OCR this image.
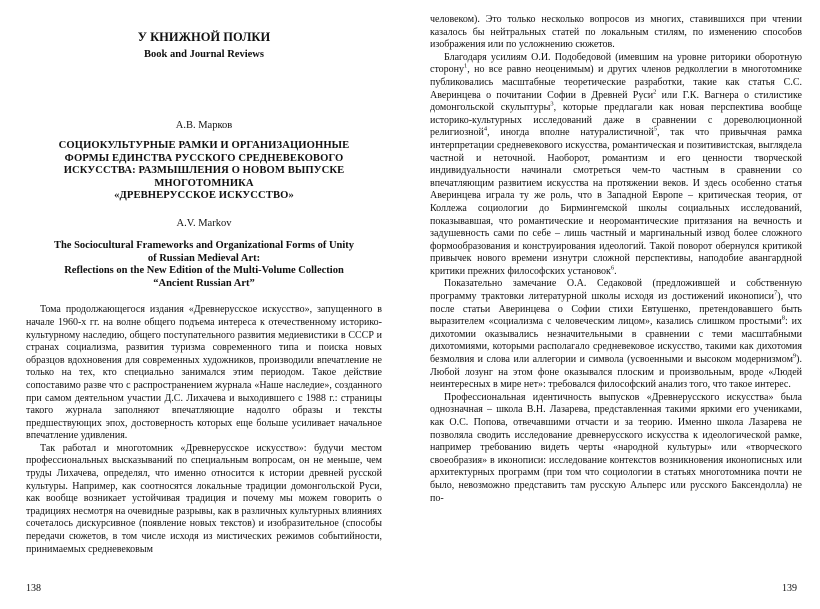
У КНИЖНОЙ ПОЛКИ
Book and Journal Reviews
А.В. Марков
СОЦИОКУЛЬТУРНЫЕ РАМКИ И ОРГАНИЗАЦИОННЫЕ
ФОРМЫ ЕДИНСТВА РУССКОГО СРЕДНЕВЕКОВОГО
ИСКУССТВА: РАЗМЫШЛЕНИЯ О НОВОМ ВЫПУСКЕ
МНОГОТОМНИКА
«ДРЕВНЕРУССКОЕ ИСКУССТВО»
A.V. Markov
The Sociocultural Frameworks and Organizational Forms of Unity
of Russian Medieval Art:
Reflections on the New Edition of the Multi-Volume Collection
“Ancient Russian Art”

Тома продолжающегося издания «Древнерусское искусство», запущенного в начале 1960-х гг. на волне общего подъема интереса к отечественному историко-культурному наследию, общего поступательного развития медиевистики в СССР и странах социализма, развития туризма современного типа и поиска новых образцов вдохновения для современных художников, производили впечатление не только на тех, кто специально занимался этим периодом. Такое действие сопоставимо разве что с распространением журнала «Наше наследие», созданного при самом деятельном участии Д.С. Лихачева и выходившего с 1988 г.: страницы такого журнала заполняют впечатляющие надолго образы и тексты предшествующих эпох, достоверность которых еще больше усиливает начальное впечатление удивления.

Так работал и многотомник «Древнерусское искусство»: будучи местом профессиональных высказываний по специальным вопросам, он не меньше, чем труды Лихачева, определял, что именно относится к истории древней русской культуры. Например, как соотносятся локальные традиции домонгольской Руси, как вообще возникает устойчивая традиция и почему мы можем говорить о традициях несмотря на очевидные разрывы, как в различных культурных влияниях сочеталось дискурсивное (появление новых текстов) и изобразительное (способы передачи сюжетов, в том числе исходя из мистических режимов событийности, принимаемых средневековым

138

человеком). Это только несколько вопросов из многих, ставившихся при чтении казалось бы нейтральных статей по локальным стилям, по изменению способов изображения или по усложнению сюжетов.

Благодаря усилиям О.И. Подобедовой (имевшим на уровне риторики оборотную сторону$^1$, но все равно неоценимым) и других членов редколлегии в многотомнике публиковались масштабные теоретические разработки, такие как статья С.С. Аверинцева о почитании Софии в Древней Руси$^2$ или Г.К. Вагнера о стилистике домонгольской скульптуры$^3$, которые предлагали как новая перспектива вообще историко-культурных исследований даже в сравнении с дореволюционной религиозной$^4$, иногда вполне натуралистичной$^5$, так что привычная рамка интерпретации средневекового искусства, романтическая и позитивистская, выглядела частной и неточной. Наоборот, романтизм и его ценности творческой индивидуальности начинали смотреться чем-то частным в сравнении со впечатляющим развитием искусства на протяжении веков. И здесь особенно статья Аверинцева играла ту же роль, что в Западной Европе – критическая теория, от Коллежа социологии до Бирмингемской школы социальных исследований, показывавшая, что романтические и неоромантические притязания на вечность и задушевность сами по себе – лишь частный и маргинальный извод более сложного формообразования и конструирования идеологий. Такой поворот обернулся критикой привычек нового времени изнутри сложной перспективы, наподобие авангардной критики прежних философских установок$^6$.

Показательно замечание О.А. Седаковой (предложившей и собственную программу трактовки литературной школы исходя из достижений иконописи$^7$), что после статьи Аверинцева о Софии стихи Евтушенко, претендовавшего быть выразителем «социализма с человеческим лицом», казались слишком простыми$^8$: их дихотомии оказывались незначительными в сравнении с теми масштабными дихотомиями, которыми располагало средневековое искусство, такими как дихотомия безмолвия и слова или аллегории и символа (усвоенными и высоком модернизмом$^9$). Любой лозунг на этом фоне оказывался плоским и произвольным, вроде «Людей неинтересных в мире нет»: требовался философский анализ того, что такое интерес.

Профессиональная идентичность выпусков «Древнерусского искусства» была однозначная – школа В.Н. Лазарева, представленная такими яркими его учениками, как О.С. Попова, отвечавшими отчасти и за теорию. Именно школа Лазарева не позволяла сводить исследование древнерусского искусства к идеологической рамке, например требованию видеть черты «народной культуры» или «творческого своеобразия» в иконописи: исследование контекстов возникновения иконописных или архитектурных программ (при том что социологии в статьях многотомника почти не было, невозможно представить там русскую Альперс или русского Баксендолла) не по-

139
